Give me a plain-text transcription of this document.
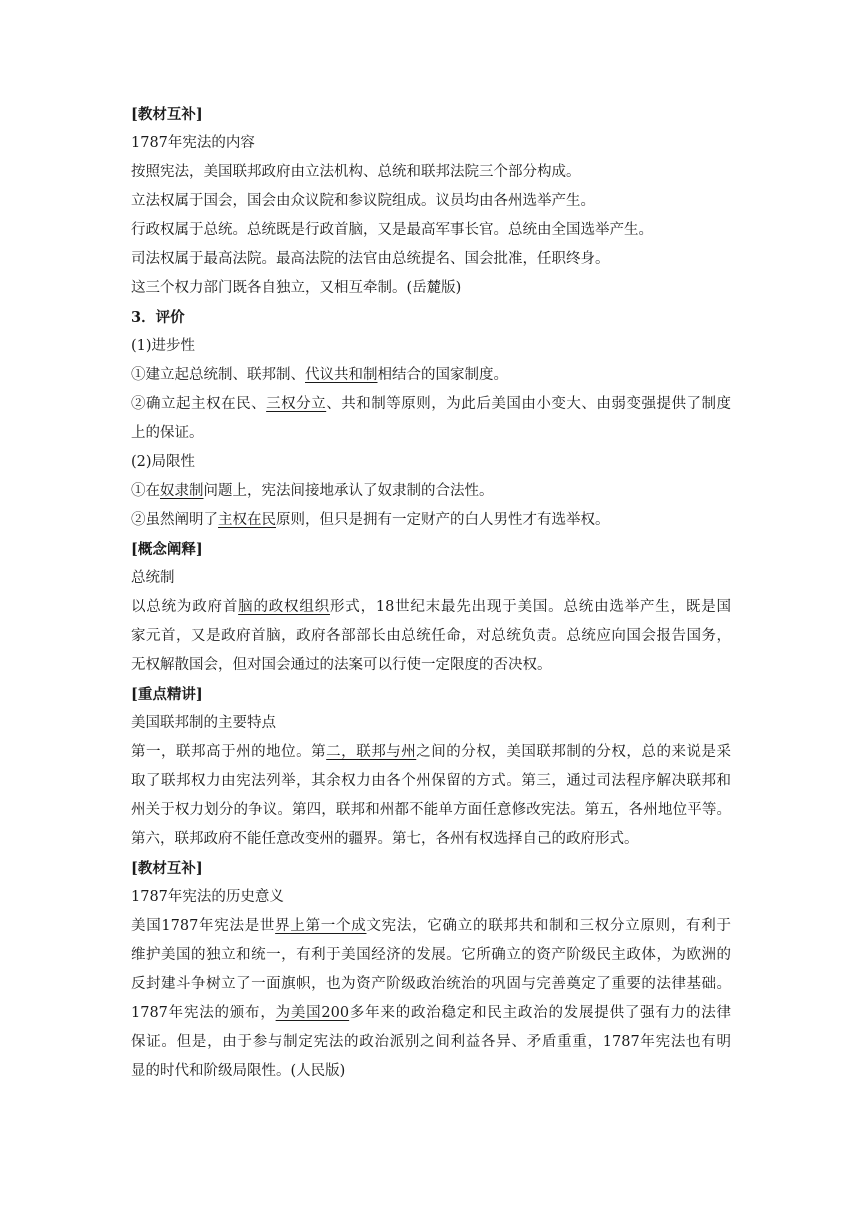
[教材互补]
1787年宪法的内容
按照宪法，美国联邦政府由立法机构、总统和联邦法院三个部分构成。
立法权属于国会，国会由众议院和参议院组成。议员均由各州选举产生。
行政权属于总统。总统既是行政首脑，又是最高军事长官。总统由全国选举产生。
司法权属于最高法院。最高法院的法官由总统提名、国会批准，任职终身。
这三个权力部门既各自独立，又相互牵制。(岳麓版)
3．评价
(1)进步性
①建立起总统制、联邦制、代议共和制相结合的国家制度。
②确立起主权在民、三权分立、共和制等原则，为此后美国由小变大、由弱变强提供了制度
上的保证。
(2)局限性
①在奴隶制问题上，宪法间接地承认了奴隶制的合法性。
②虽然阐明了主权在民原则，但只是拥有一定财产的白人男性才有选举权。
[概念阐释]
总统制
以总统为政府首脑的政权组织形式，18世纪末最先出现于美国。总统由选举产生，既是国
家元首，又是政府首脑，政府各部部长由总统任命，对总统负责。总统应向国会报告国务，
无权解散国会，但对国会通过的法案可以行使一定限度的否决权。
[重点精讲]
美国联邦制的主要特点
第一，联邦高于州的地位。第二，联邦与州之间的分权，美国联邦制的分权，总的来说是采
取了联邦权力由宪法列举，其余权力由各个州保留的方式。第三，通过司法程序解决联邦和
州关于权力划分的争议。第四，联邦和州都不能单方面任意修改宪法。第五，各州地位平等。
第六，联邦政府不能任意改变州的疆界。第七，各州有权选择自己的政府形式。
[教材互补]
1787年宪法的历史意义
美国1787年宪法是世界上第一个成文宪法，它确立的联邦共和制和三权分立原则，有利于
维护美国的独立和统一，有利于美国经济的发展。它所确立的资产阶级民主政体，为欧洲的
反封建斗争树立了一面旗帜，也为资产阶级政治统治的巩固与完善奠定了重要的法律基础。
1787年宪法的颁布，为美国200多年来的政治稳定和民主政治的发展提供了强有力的法律
保证。但是，由于参与制定宪法的政治派别之间利益各异、矛盾重重，1787年宪法也有明
显的时代和阶级局限性。(人民版)
